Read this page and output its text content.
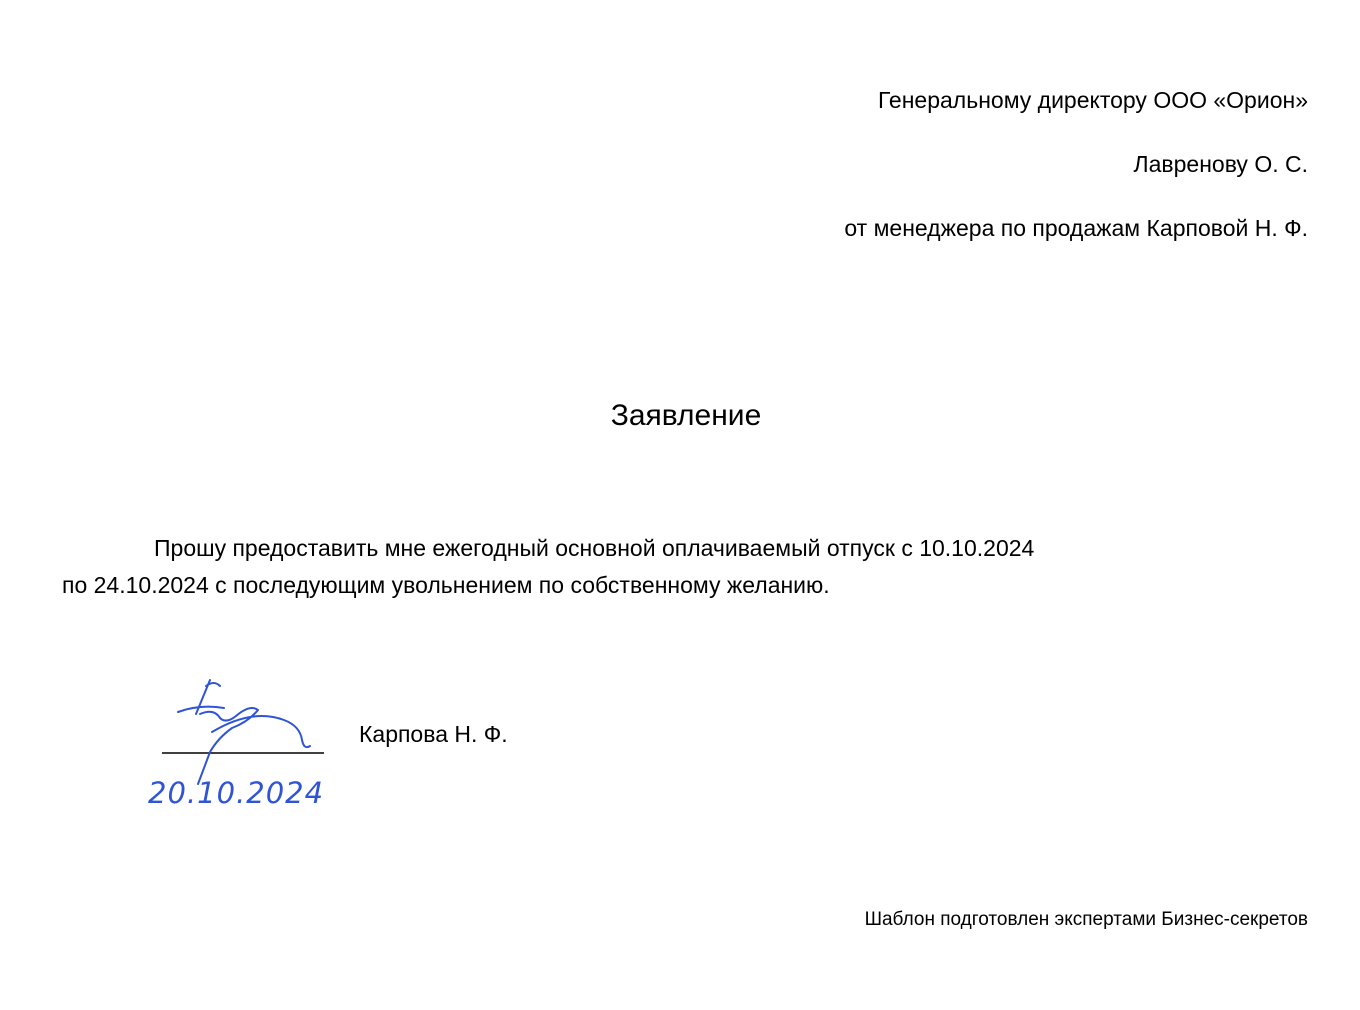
Генеральному директору ООО «Орион»
Лавренову О. С.
от менеджера по продажам Карповой Н. Ф.
Заявление
Прошу предоставить мне ежегодный основной оплачиваемый отпуск с 10.10.2024
по 24.10.2024 с последующим увольнением по собственному желанию.
20.10.2024
Карпова Н. Ф.
Шаблон подготовлен экспертами Бизнес-секретов
